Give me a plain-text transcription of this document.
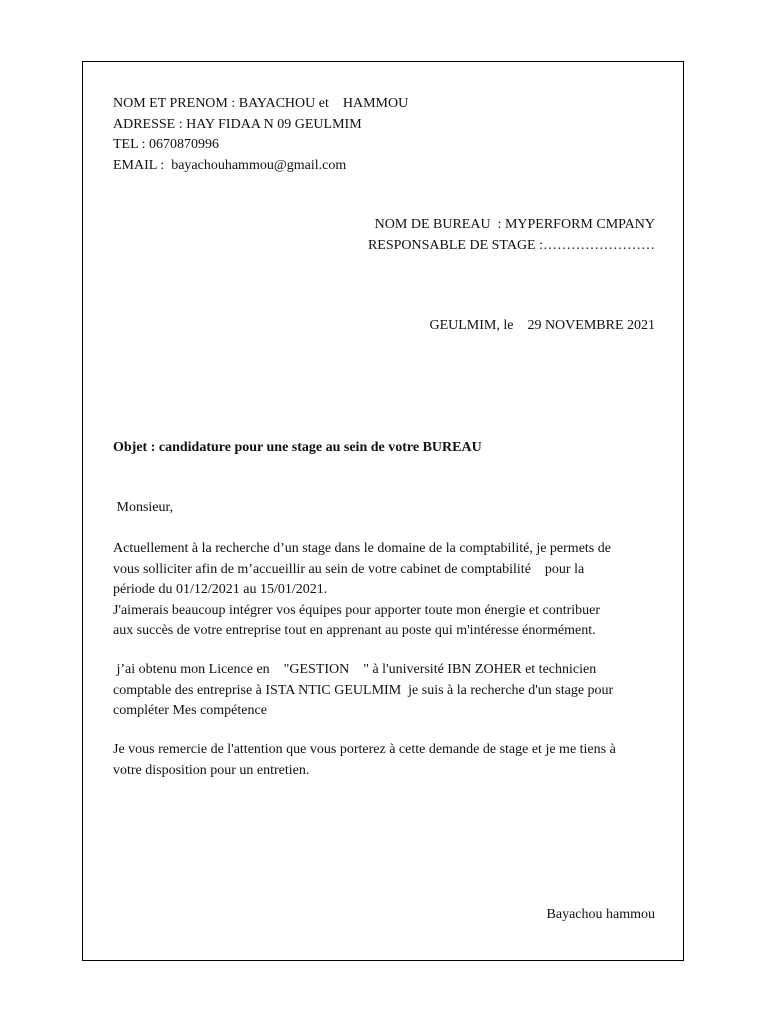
NOM ET PRENOM : BAYACHOU et    HAMMOU
ADRESSE : HAY FIDAA N 09 GEULMIM
TEL : 0670870996
EMAIL :  bayachouhammou@gmail.com
NOM DE BUREAU  : MYPERFORM CMPANY
RESPONSABLE DE STAGE :……………………
GEULMIM, le    29 NOVEMBRE 2021
Objet : candidature pour une stage au sein de votre BUREAU
Monsieur,
Actuellement à la recherche d’un stage dans le domaine de la comptabilité, je permets de
vous solliciter afin de m’accueillir au sein de votre cabinet de comptabilité    pour la
période du 01/12/2021 au 15/01/2021.
J'aimerais beaucoup intégrer vos équipes pour apporter toute mon énergie et contribuer
aux succès de votre entreprise tout en apprenant au poste qui m'intéresse énormément.
j’ai obtenu mon Licence en    "GESTION    " à l'université IBN ZOHER et technicien
comptable des entreprise à ISTA NTIC GEULMIM  je suis à la recherche d'un stage pour
compléter Mes compétence
Je vous remercie de l'attention que vous porterez à cette demande de stage et je me tiens à
votre disposition pour un entretien.
Bayachou hammou
